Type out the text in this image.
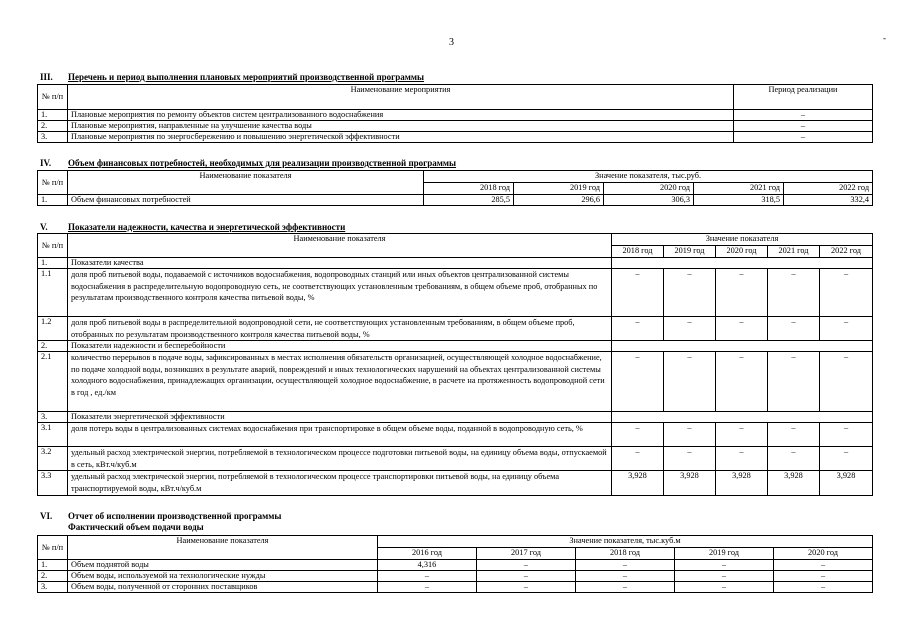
3	-
III. Перечень и период выполнения плановых мероприятий производственной программы
№ п/п	Наименование мероприятия	Период реализации
1.	Плановые мероприятия по ремонту объектов систем централизованного водоснабжения	–
2.	Плановые мероприятия, направленные на улучшение качества воды	–
3.	Плановые мероприятия по энергосбережению и повышению энергетической эффективности	–
IV. Объем финансовых потребностей, необходимых для реализации производственной программы
№ п/п	Наименование показателя	Значение показателя, тыс.руб.				
		2018 год	2019 год	2020 год	2021 год	2022 год
1.	Объем финансовых потребностей	285,5	296,6	306,3	318,5	332,4
V. Показатели надежности, качества и энергетической эффективности
№ п/п	Наименование показателя	Значение показателя				
		2018 год	2019 год	2020 год	2021 год	2022 год
1.	Показатели качества					
1.1	доля проб питьевой воды, подаваемой с источников водоснабжения, водопроводных станций или иных объектов централизованной системы водоснабжения в распределительную водопроводную сеть, не соответствующих установленным требованиям, в общем объеме проб, отобранных по результатам производственного контроля качества питьевой воды, %	–	–	–	–	–
1.2	доля проб питьевой воды в распределительной водопроводной сети, не соответствующих установленным требованиям, в общем объеме проб, отобранных по результатам производственного контроля качества питьевой воды, %	–	–	–	–	–
2.	Показатели надежности и бесперебойности					
2.1	количество перерывов в подаче воды, зафиксированных в местах исполнения обязательств организацией, осуществляющей холодное водоснабжение, по подаче холодной воды, возникших в результате аварий, повреждений и иных технологических нарушений на объектах централизованной системы холодного водоснабжения, принадлежащих организации, осуществляющей холодное водоснабжение, в расчете на протяженность водопроводной сети в год , ед./км	–	–	–	–	–
3.	Показатели энергетической эффективности					
3.1	доля потерь воды в централизованных системах водоснабжения при транспортировке в общем объеме воды, поданной в водопроводную сеть, %	–	–	–	–	–
3.2	удельный расход электрической энергии, потребляемой в технологическом процессе подготовки питьевой воды, на единицу объема воды, отпускаемой в сеть, кВт.ч/куб.м	–	–	–	–	–
3.3	удельный расход электрической энергии, потребляемой в технологическом процессе транспортировки питьевой воды, на единицу объема транспортируемой воды, кВт.ч/куб.м	3,928	3,928	3,928	3,928	3,928
VI. Отчет об исполнении производственной программы
Фактический объем подачи воды
№ п/п	Наименование показателя	Значение показателя, тыс.куб.м				
		2016 год	2017 год	2018 год	2019 год	2020 год
1.	Объем поднятой воды	4,316	–	–	–	–
2.	Объем воды, используемой на технологические нужды	–	–	–	–	–
3.	Объем воды, полученной от сторонних поставщиков	–	–	–	–	–
